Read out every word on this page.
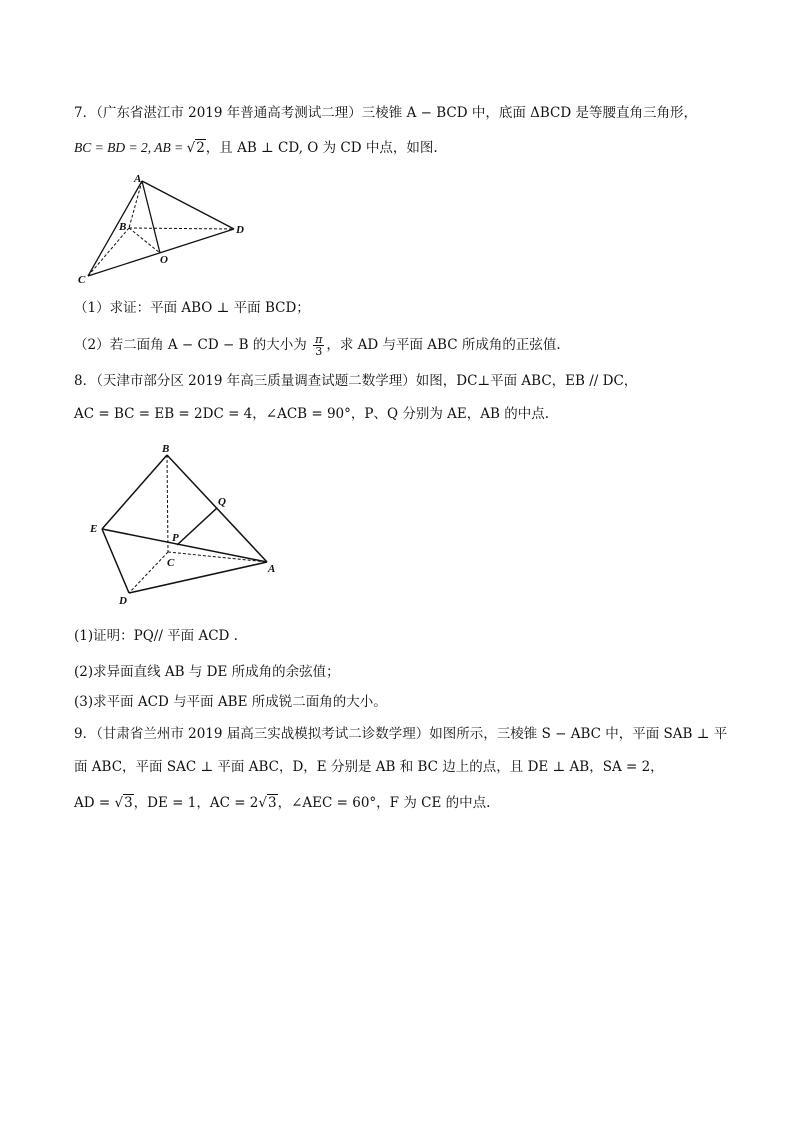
7．（广东省湛江市 2019 年普通高考测试二理）三棱锥 A − BCD 中，底面 ΔBCD 是等腰直角三角形，
BC = BD = 2, AB = √2，且 AB ⊥ CD, O 为 CD 中点，如图.
A
B
C
D
O
（1）求证：平面 ABO ⊥ 平面 BCD；
（2）若二面角 A − CD − B 的大小为 $\frac{\pi}{3}$ ，求 AD 与平面 ABC 所成角的正弦值.
8．（天津市部分区 2019 年高三质量调查试题二数学理）如图，DC⊥平面 ABC，EB // DC，
AC = BC = EB = 2DC = 4，∠ACB = 90°，P、Q 分别为 AE，AB 的中点.
B
Q
E
P
C	A
D
(1)证明：PQ// 平面 ACD .
(2)求异面直线 AB 与 DE 所成角的余弦值；
(3)求平面 ACD 与平面 ABE 所成锐二面角的大小。
9．（甘肃省兰州市 2019 届高三实战模拟考试二诊数学理）如图所示，三棱锥 S − ABC 中，平面 SAB ⊥ 平
面 ABC，平面 SAC ⊥ 平面 ABC，D，E 分别是 AB 和 BC 边上的点，且 DE ⊥ AB，SA = 2，
AD = √3，DE = 1，AC = 2√3，∠AEC = 60°，F 为 CE 的中点.
